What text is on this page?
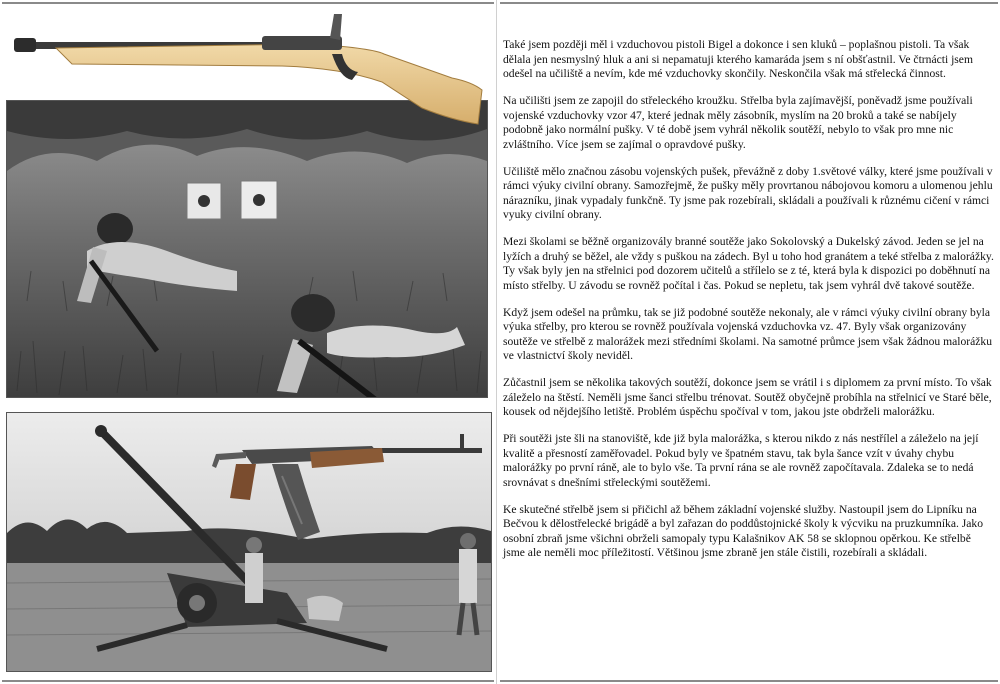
Také jsem později měl i vzduchovou pistoli Bigel a dokonce i sen kluků – poplašnou pistoli. Ta však dělala jen nesmyslný hluk a ani si nepamatuji kterého kamaráda jsem s ní obšťastnil. Ve čtrnácti jsem odešel na učiliště a nevím, kde mé vzduchovky skončily. Neskončila však má střelecká činnost.

Na učilišti jsem ze zapojil do střeleckého kroužku. Střelba byla zajímavější, poněvadž jsme používali vojenské vzduchovky vzor 47, které jednak měly zásobník, myslím na 20 broků a také se nabíjely podobně jako normální pušky. V té době jsem vyhrál několik soutěží, nebylo to však pro mne nic zvláštního. Více jsem se zajímal o opravdové pušky.

Učiliště mělo značnou zásobu vojenských pušek, převážně z doby 1.světové války, které jsme používali v rámci výuky civilní obrany. Samozřejmě, že pušky měly provrtanou nábojovou komoru a ulomenou jehlu nárazníku, jinak vypadaly funkčně. Ty jsme pak rozebírali, skládali a používali k různému cičení v rámci vyuky civilní obrany.

Mezi školami se běžně organizovály branné soutěže jako Sokolovský a Dukelský závod. Jeden se jel na lyžích a druhý se běžel, ale vždy s puškou na zádech. Byl u toho hod granátem a teké střelba z malorážky. Ty však byly jen na střelnici pod dozorem učitelů a střílelo se z té, která byla k dispozici po doběhnutí na místo střelby. U závodu se rovněž počítal i čas. Pokud se nepletu, tak jsem vyhrál dvě takové soutěže.

Když jsem odešel na průmku, tak se již podobné soutěže nekonaly, ale v rámci výuky civilní obrany byla výuka střelby, pro kterou se rovněž používala vojenská vzduchovka vz. 47. Byly však organizovány soutěže ve střelbě z malorážek mezi středními školami. Na samotné průmce jsem však žádnou malorážku ve vlastnictví školy neviděl.

Zůčastnil jsem se několika takových soutěží, dokonce jsem se vrátil i s diplomem za první místo. To však záleželo na štěstí. Neměli jsme šanci střelbu trénovat. Soutěž obyčejně probíhla na střelnicí ve Staré běle, kousek od nějdejšího letiště. Problém úspěchu spočíval v tom, jakou jste obdrželi malorážku.

Při soutěži jste šli na stanoviště, kde již byla malorážka, s kterou nikdo z nás nestřílel a záleželo na její kvalitě a přesností zaměřovadel. Pokud byly ve špatném stavu, tak byla šance vzít v úvahy chybu malorážky po první ráně, ale to bylo vše. Ta první rána se ale rovněž započítavala. Zdaleka se to nedá srovnávat s dnešními střeleckými soutěžemi.

Ke skutečné střelbě jsem si přičichl až během základní vojenské služby. Nastoupil jsem do Lipníku na Bečvou k dělostřelecké brigádě a byl zařazan do poddůstojnické školy k výcviku na pruzkumníka. Jako osobní zbraň jsme všichni obrželi samopaly typu Kalašnikov AK 58 se sklopnou opěrkou. Ke střelbě jsme ale neměli moc příležitostí. Většinou jsme zbraně jen stále čistili, rozebírali a skládali.
